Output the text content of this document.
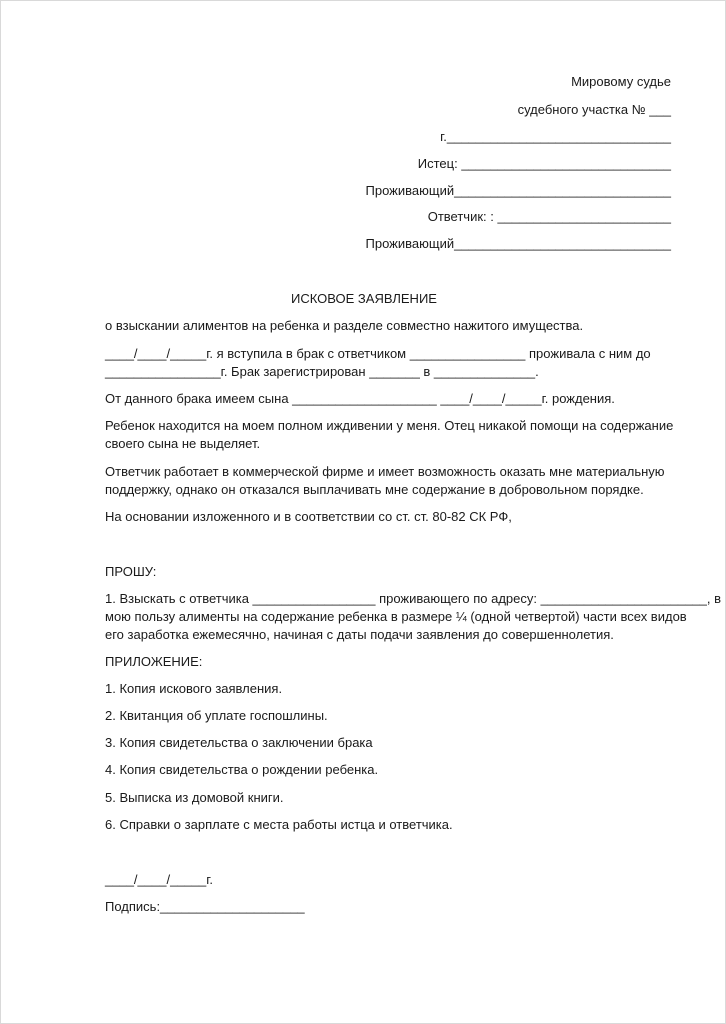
Мировому судье
судебного участка № ___
г._______________________________
Истец: _____________________________
Проживающий______________________________
Ответчик: : ________________________
Проживающий______________________________
ИСКОВОЕ ЗАЯВЛЕНИЕ
о взыскании алиментов на ребенка и разделе совместно нажитого имущества.
____/____/_____г. я вступила в брак с ответчиком ________________ проживала с ним до
________________г. Брак зарегистрирован _______ в ______________.
От данного брака имеем сына ____________________ ____/____/_____г. рождения.
Ребенок находится на моем полном иждивении у меня. Отец никакой помощи на содержание
своего сына не выделяет.
Ответчик работает в коммерческой фирме и имеет возможность оказать мне материальную
поддержку, однако он отказался выплачивать мне содержание в добровольном порядке.
На основании изложенного и в соответствии со ст. ст. 80-82 СК РФ,
ПРОШУ:
1. Взыскать с ответчика _________________ проживающего по адресу: _______________________, в
мою пользу алименты на содержание ребенка в размере ¼ (одной четвертой) части всех видов
его заработка ежемесячно, начиная с даты подачи заявления до совершеннолетия.
ПРИЛОЖЕНИЕ:
1. Копия искового заявления.
2. Квитанция об уплате госпошлины.
3. Копия свидетельства о заключении брака
4. Копия свидетельства о рождении ребенка.
5. Выписка из домовой книги.
6. Справки о зарплате с места работы истца и ответчика.
____/____/_____г.
Подпись:____________________
